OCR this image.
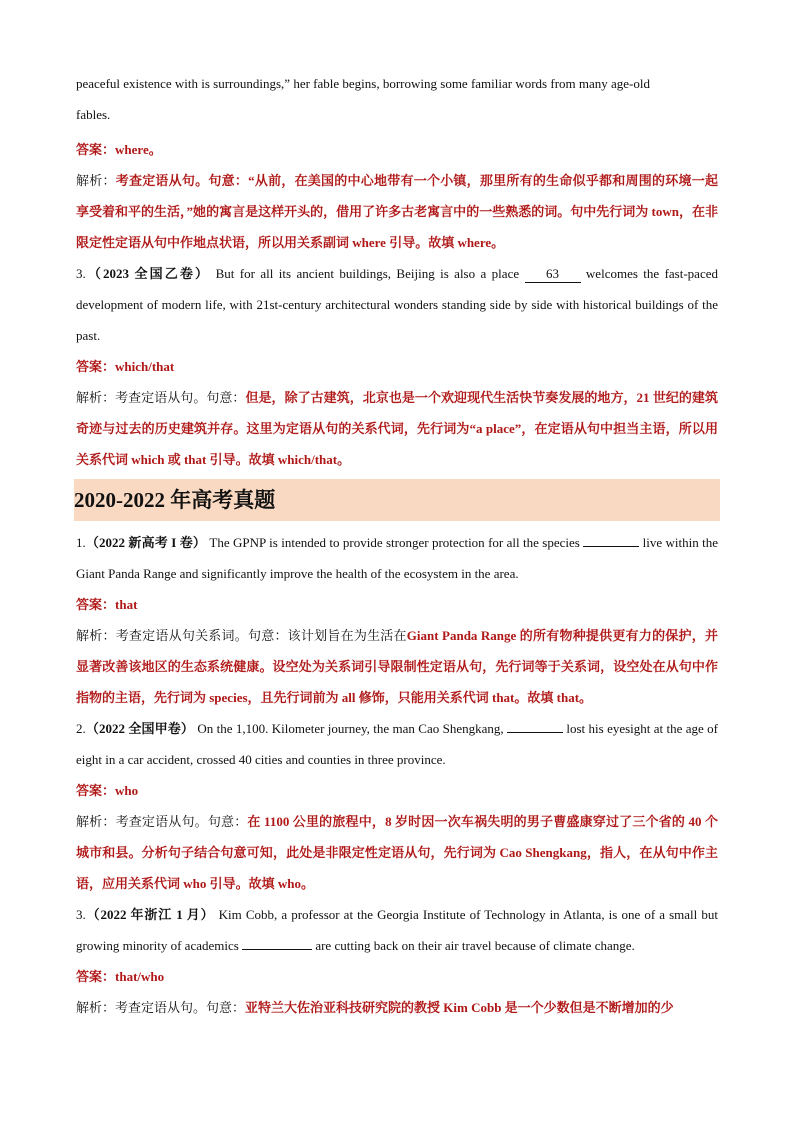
peaceful existence with is surroundings,” her fable begins, borrowing some familiar words from many age-old
fables.
答案：where。
解析：考查定语从句。句意：“从前，在美国的中心地带有一个小镇，那里所有的生命似乎都和周围的环境一起享受着和平的生活，”她的寓言是这样开头的，借用了许多古老寓言中的一些熟悉的词。句中先行词为 town，在非限定性定语从句中作地点状语，所以用关系副词 where 引导。故填 where。
3.（2023 全国乙卷） But for all its ancient buildings, Beijing is also a place 63 welcomes the fast-paced development of modern life, with 21st-century architectural wonders standing side by side with historical buildings of the past.
答案：which/that
解析：考查定语从句。句意：但是，除了古建筑，北京也是一个欢迎现代生活快节奏发展的地方，21 世纪的建筑奇迹与过去的历史建筑并存。这里为定语从句的关系代词，先行词为“a place”，在定语从句中担当主语，所以用关系代词 which 或 that 引导。故填 which/that。
2020-2022 年高考真题
1.（2022 新高考 I 卷） The GPNP is intended to provide stronger protection for all the species	live within the Giant Panda Range and significantly improve the health of the ecosystem in the area.
答案：that
解析：考查定语从句关系词。句意：该计划旨在为生活在Giant Panda Range 的所有物种提供更有力的保护，并显著改善该地区的生态系统健康。设空处为关系词引导限制性定语从句，先行词等于关系词，设空处在从句中作指物的主语，先行词为 species，且先行词前为 all 修饰，只能用关系代词 that。故填 that。
2.（2022 全国甲卷） On the 1,100. Kilometer journey, the man Cao Shengkang,	lost his eyesight at the age of eight in a car accident, crossed 40 cities and counties in three province.
答案：who
解析：考查定语从句。句意：在 1100 公里的旅程中，8 岁时因一次车祸失明的男子曹盛康穿过了三个省的 40 个城市和县。分析句子结合句意可知，此处是非限定性定语从句，先行词为 Cao Shengkang，指人，在从句中作主语，应用关系代词 who 引导。故填 who。
3.（2022 年浙江 1 月） Kim Cobb, a professor at the Georgia Institute of Technology in Atlanta, is one of a small but growing minority of academics	are cutting back on their air travel because of climate change.
答案：that/who
解析：考查定语从句。句意：亚特兰大佐治亚科技研究院的教授 Kim Cobb 是一个少数但是不断增加的少
